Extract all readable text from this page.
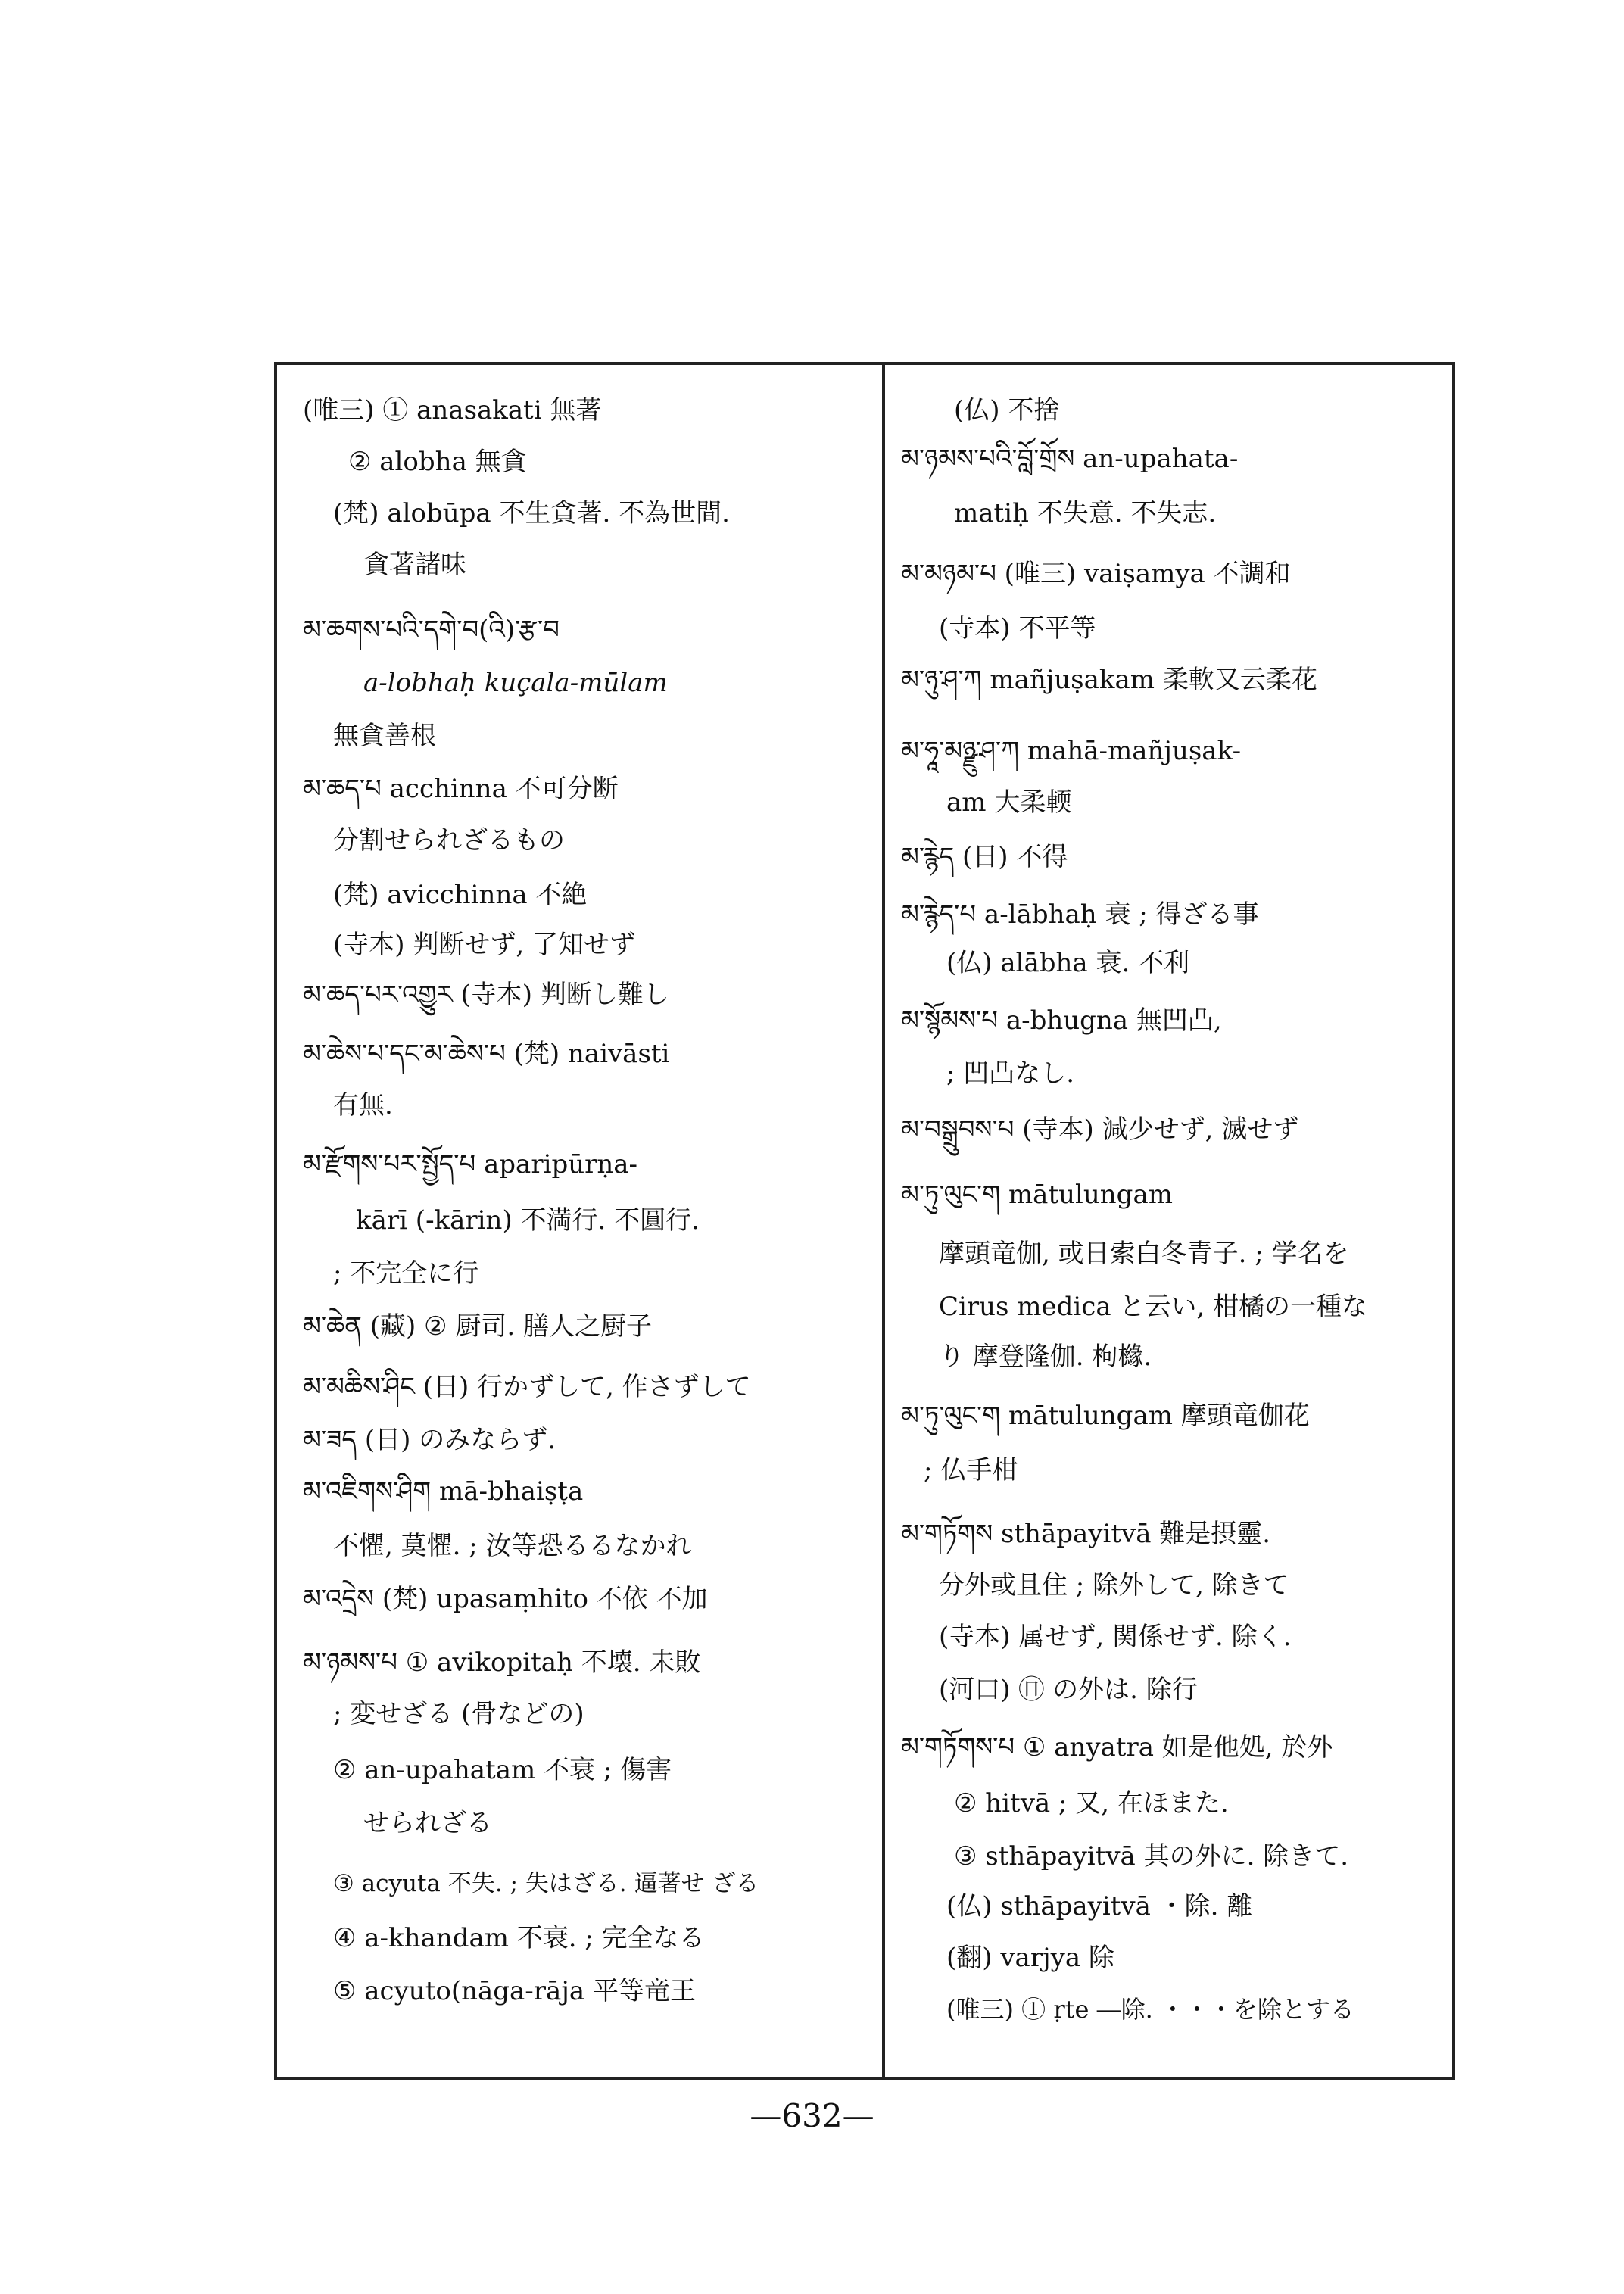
(唯三) ① anasakati 無著
② alobha 無貪
(梵) alobūpa 不生貪著. 不為世間.
貪著諸味
མ་ཆགས་པའི་དགེ་བ(འི)་རྩ་བ
a-lobhaḥ kuçala-mūlam
無貪善根
མ་ཆད་པ acchinna 不可分断
分割せられざるもの
(梵) avicchinna 不絶
(寺本) 判断せず, 了知せず
མ་ཆད་པར་འགྱུར (寺本) 判断し難し
མ་ཆེས་པ་དང་མ་ཆེས་པ (梵) naivāsti
有無.
མ་རྫོགས་པར་སྤྱོད་པ aparipūrṇa-
kārī (-kārin) 不満行. 不圓行.
; 不完全に行
མ་ཆེན (藏) ② 厨司. 膳人之厨子
མ་མཆིས་ཤིང (日) 行かずして, 作さずして
མ་ཟད (日) のみならず.
མ་འཇིགས་ཤིག mā-bhaiṣṭa
不懼, 莫懼. ; 汝等恐るるなかれ
མ་འདྲེས (梵) upasaṃhito 不依 不加
མ་ཉམས་པ ① avikopitaḥ 不壊. 未敗
; 変せざる (骨などの)
② an-upahatam 不衰 ; 傷害
せられざる
③ acyuta 不失. ; 失はざる. 逼著せ ざる
④ a-khandam 不衰. ; 完全なる
⑤ acyuto(nāga-rāja 平等竜王
(仏) 不捨
མ་ཉམས་པའི་བློ་གྲོས an-upahata-
matiḥ 不失意. 不失志.
མ་མཉམ་པ (唯三) vaiṣamya 不調和
(寺本) 不平等
མ་ཉུ་ཤ་ཀ mañjuṣakam 柔軟又云柔花
མ་ཧཱ་མཉྫུ་ཤ་ཀ mahā-mañjuṣak-
am 大柔輭
མ་རྙེད (日) 不得
མ་རྙེད་པ a-lābhaḥ 衰 ; 得ざる事
(仏) alābha 衰. 不利
མ་སྙོམས་པ a-bhugna 無凹凸,
; 凹凸なし.
མ་བསྒྲུབས་པ (寺本) 減少せず, 滅せず
མ་ཏུ་ལུང་ག mātulungam
摩頭竜伽, 或日索白冬青子. ; 学名を
Cirus medica と云い, 柑橘の一種な
り 摩登隆伽. 枸櫞.
མ་ཏུ་ལུང་ག mātulungam 摩頭竜伽花
; 仏手柑
མ་གཏོགས sthāpayitvā 難是摂靈.
分外或且住 ; 除外して, 除きて
(寺本) 属せず, 関係せず. 除く.
(河口) ㊐ の外は. 除行
མ་གཏོགས་པ ① anyatra 如是他処, 於外
② hitvā ; 又, 在ほまた.
③ sthāpayitvā 其の外に. 除きて.
(仏) sthāpayitvā ・除. 離
(翻) varjya 除
(唯三) ① ṛte ―除. ・・・を除とする
—632—
